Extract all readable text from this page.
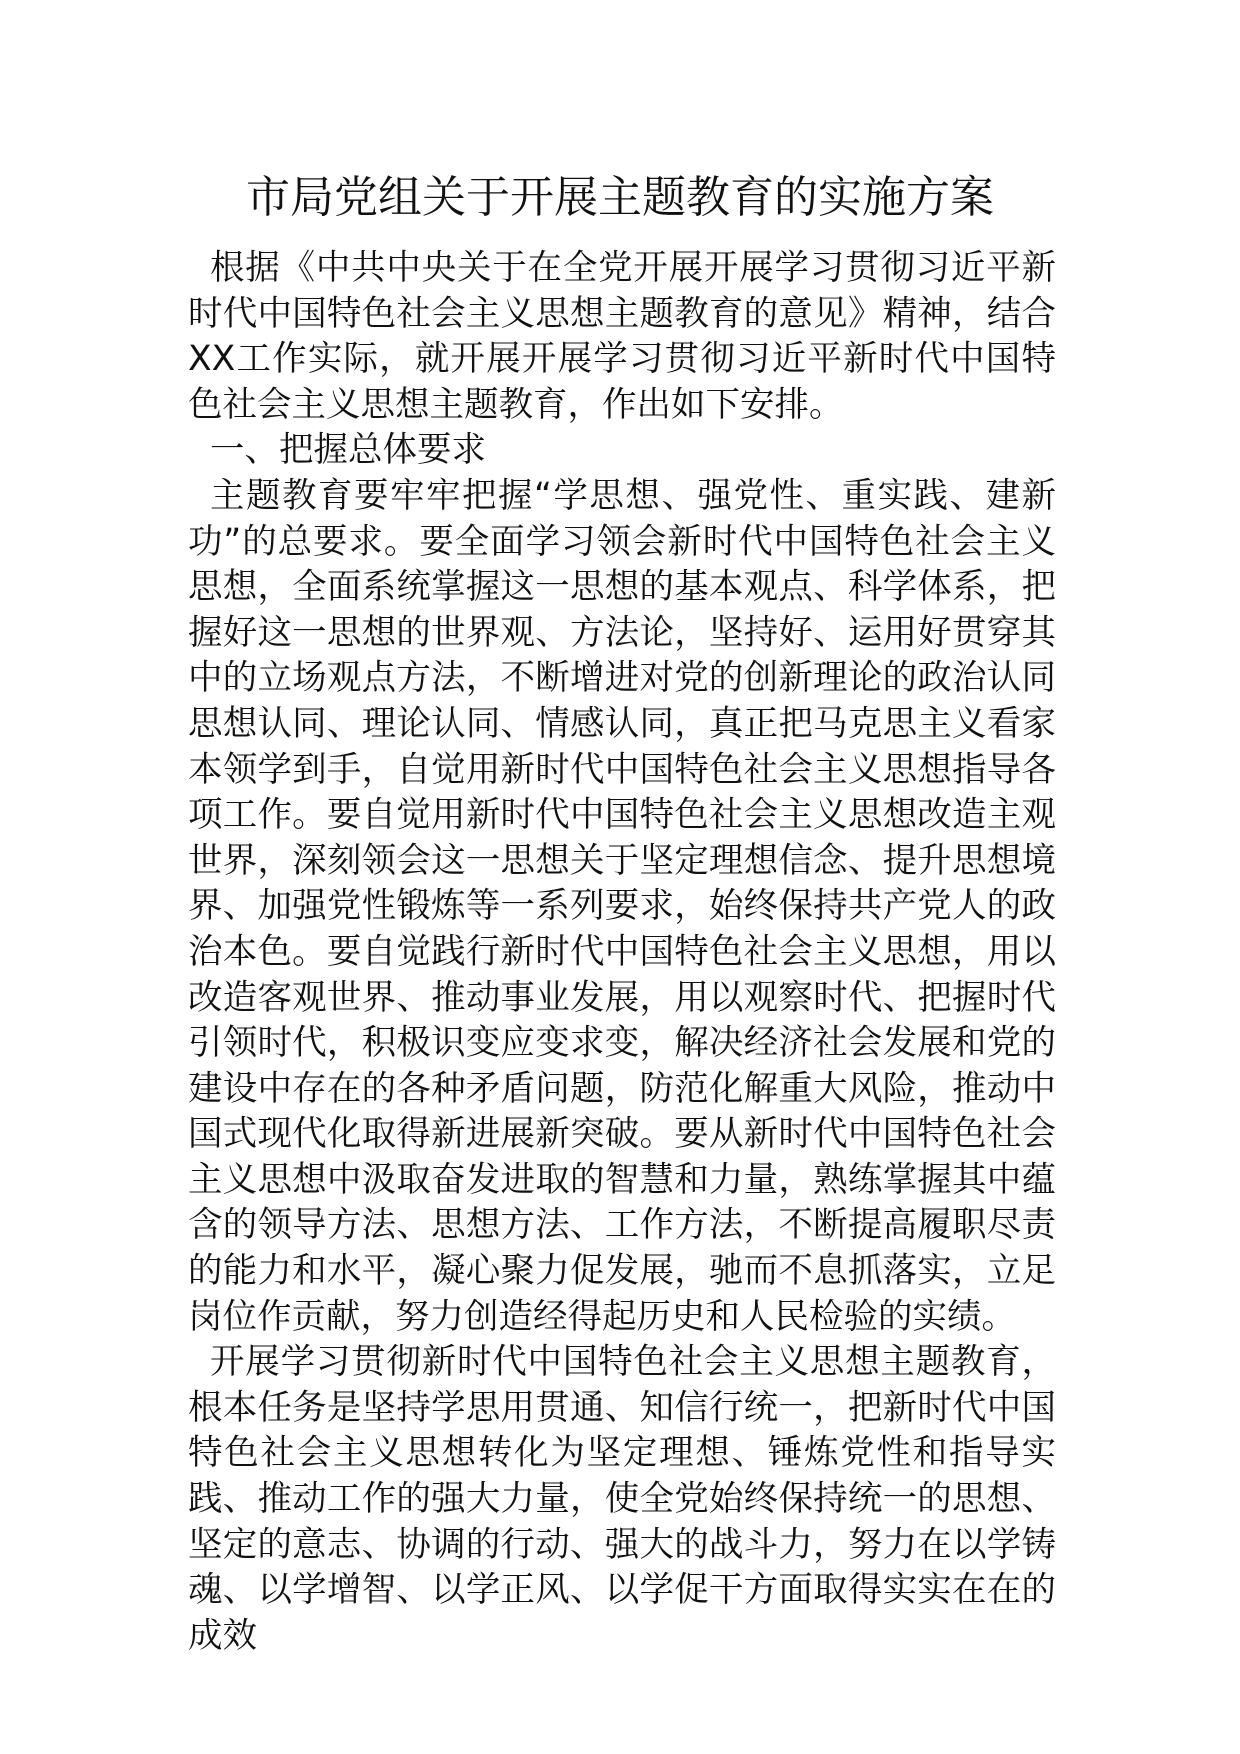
市局党组关于开展主题教育的实施方案

根据《中共中央关于在全党开展开展学习贯彻习近平新时代中国特色社会主义思想主题教育的意见》精神，结合XX工作实际，就开展开展学习贯彻习近平新时代中国特色社会主义思想主题教育，作出如下安排。

一、把握总体要求

主题教育要牢牢把握“学思想、强党性、重实践、建新功”的总要求。要全面学习领会新时代中国特色社会主义思想，全面系统掌握这一思想的基本观点、科学体系，把握好这一思想的世界观、方法论，坚持好、运用好贯穿其中的立场观点方法，不断增进对党的创新理论的政治认同思想认同、理论认同、情感认同，真正把马克思主义看家本领学到手，自觉用新时代中国特色社会主义思想指导各项工作。要自觉用新时代中国特色社会主义思想改造主观世界，深刻领会这一思想关于坚定理想信念、提升思想境界、加强党性锻炼等一系列要求，始终保持共产党人的政治本色。要自觉践行新时代中国特色社会主义思想，用以改造客观世界、推动事业发展，用以观察时代、把握时代引领时代，积极识变应变求变，解决经济社会发展和党的建设中存在的各种矛盾问题，防范化解重大风险，推动中国式现代化取得新进展新突破。要从新时代中国特色社会主义思想中汲取奋发进取的智慧和力量，熟练掌握其中蕴含的领导方法、思想方法、工作方法，不断提高履职尽责的能力和水平，凝心聚力促发展，驰而不息抓落实，立足岗位作贡献，努力创造经得起历史和人民检验的实绩。

开展学习贯彻新时代中国特色社会主义思想主题教育，根本任务是坚持学思用贯通、知信行统一，把新时代中国特色社会主义思想转化为坚定理想、锤炼党性和指导实践、推动工作的强大力量，使全党始终保持统一的思想、坚定的意志、协调的行动、强大的战斗力，努力在以学铸魂、以学增智、以学正风、以学促干方面取得实实在在的成效
